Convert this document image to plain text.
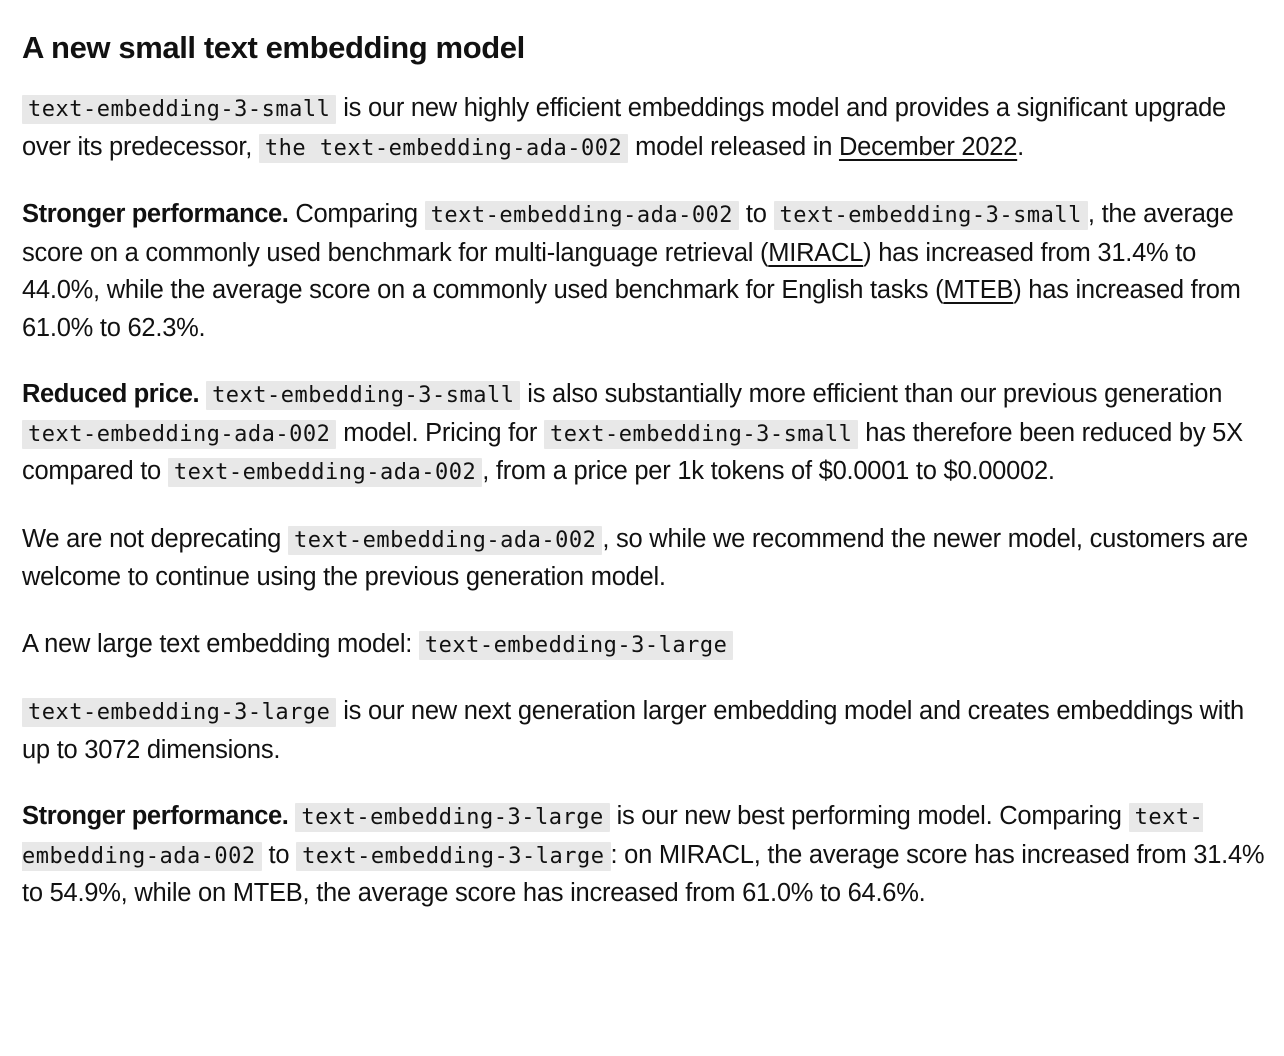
A new small text embedding model

text-embedding-3-small is our new highly efficient embeddings model and provides a significant upgrade over its predecessor, the text-embedding-ada-002 model released in December 2022.

Stronger performance. Comparing text-embedding-ada-002 to text-embedding-3-small , the average score on a commonly used benchmark for multi-language retrieval (MIRACL) has increased from 31.4% to 44.0%, while the average score on a commonly used benchmark for English tasks (MTEB) has increased from 61.0% to 62.3%.

Reduced price. text-embedding-3-small is also substantially more efficient than our previous generation text-embedding-ada-002 model. Pricing for text-embedding-3-small has therefore been reduced by 5X compared to text-embedding-ada-002 , from a price per 1k tokens of $0.0001 to $0.00002.

We are not deprecating text-embedding-ada-002 , so while we recommend the newer model, customers are welcome to continue using the previous generation model.

A new large text embedding model: text-embedding-3-large

text-embedding-3-large is our new next generation larger embedding model and creates embeddings with up to 3072 dimensions.

Stronger performance. text-embedding-3-large is our new best performing model. Comparing text-embedding-ada-002 to text-embedding-3-large : on MIRACL, the average score has increased from 31.4% to 54.9%, while on MTEB, the average score has increased from 61.0% to 64.6%.
